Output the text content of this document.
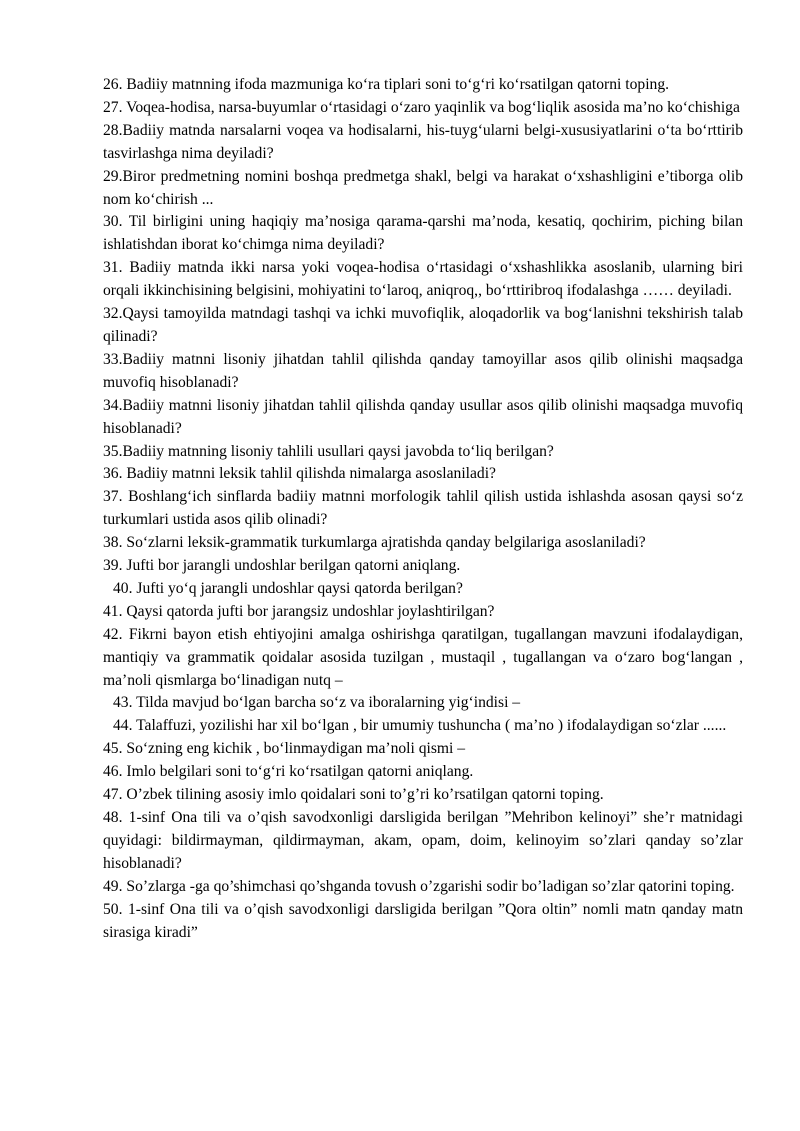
26. Badiiy matnning ifoda mazmuniga ko‘ra tiplari soni to‘g‘ri ko‘rsatilgan qatorni toping.

27. Voqea-hodisa, narsa-buyumlar o‘rtasidagi o‘zaro yaqinlik va bog‘liqlik asosida ma’no ko‘chishiga

28.Badiiy matnda narsalarni voqea va hodisalarni, his-tuyg‘ularni belgi-xususiyatlarini o‘ta bo‘rttirib tasvirlashga nima deyiladi?

29.Biror predmetning nomini boshqa predmetga shakl, belgi va harakat o‘xshashligini e’tiborga olib nom ko‘chirish ...

30. Til birligini uning haqiqiy ma’nosiga qarama-qarshi ma’noda, kesatiq, qochirim, piching bilan ishlatishdan iborat ko‘chimga nima deyiladi?

31. Badiiy matnda ikki narsa yoki voqea-hodisa o‘rtasidagi o‘xshashlikka asoslanib, ularning biri orqali ikkinchisining belgisini, mohiyatini to‘laroq, aniqroq,, bo‘rttiribroq ifodalashga …… deyiladi.

32.Qaysi tamoyilda matndagi tashqi va ichki muvofiqlik, aloqadorlik va bog‘lanishni tekshirish talab qilinadi?

33.Badiiy matnni lisoniy jihatdan tahlil qilishda qanday tamoyillar asos qilib olinishi maqsadga muvofiq hisoblanadi?

34.Badiiy matnni lisoniy jihatdan tahlil qilishda qanday usullar asos qilib olinishi maqsadga muvofiq hisoblanadi?

35.Badiiy matnning lisoniy tahlili usullari qaysi javobda to‘liq berilgan?

36. Badiiy matnni leksik tahlil qilishda nimalarga asoslaniladi?

37. Boshlang‘ich sinflarda badiiy matnni morfologik tahlil qilish ustida ishlashda asosan qaysi so‘z turkumlari ustida asos qilib olinadi?

38. So‘zlarni leksik-grammatik turkumlarga ajratishda qanday belgilariga asoslaniladi?

39. Jufti bor jarangli undoshlar berilgan qatorni aniqlang.

40. Jufti yo‘q jarangli undoshlar qaysi qatorda berilgan?

41. Qaysi qatorda jufti bor jarangsiz undoshlar joylashtirilgan?

42. Fikrni bayon etish ehtiyojini amalga oshirishga qaratilgan, tugallangan mavzuni ifodalaydigan, mantiqiy va grammatik qoidalar asosida tuzilgan , mustaqil , tugallangan va o‘zaro bog‘langan , ma’noli qismlarga bo‘linadigan nutq –

43. Tilda mavjud bo‘lgan barcha so‘z va iboralarning yig‘indisi –

44. Talaffuzi, yozilishi har xil bo‘lgan , bir umumiy tushuncha ( ma’no ) ifodalaydigan so‘zlar ......

45. So‘zning eng kichik , bo‘linmaydigan ma’noli qismi –

46. Imlo belgilari soni to‘g‘ri ko‘rsatilgan qatorni aniqlang.

47. O’zbek tilining asosiy imlo qoidalari soni to’g’ri ko’rsatilgan qatorni toping.

48. 1-sinf Ona tili va o’qish savodxonligi darsligida berilgan ”Mehribon kelinoyi” she’r matnidagi quyidagi: bildirmayman, qildirmayman, akam, opam, doim, kelinoyim so’zlari qanday so’zlar hisoblanadi?

49. So’zlarga -ga qo’shimchasi qo’shganda tovush o’zgarishi sodir bo’ladigan so’zlar qatorini toping.

50. 1-sinf Ona tili va o’qish savodxonligi darsligida berilgan ”Qora oltin” nomli matn qanday matn sirasiga kiradi”
